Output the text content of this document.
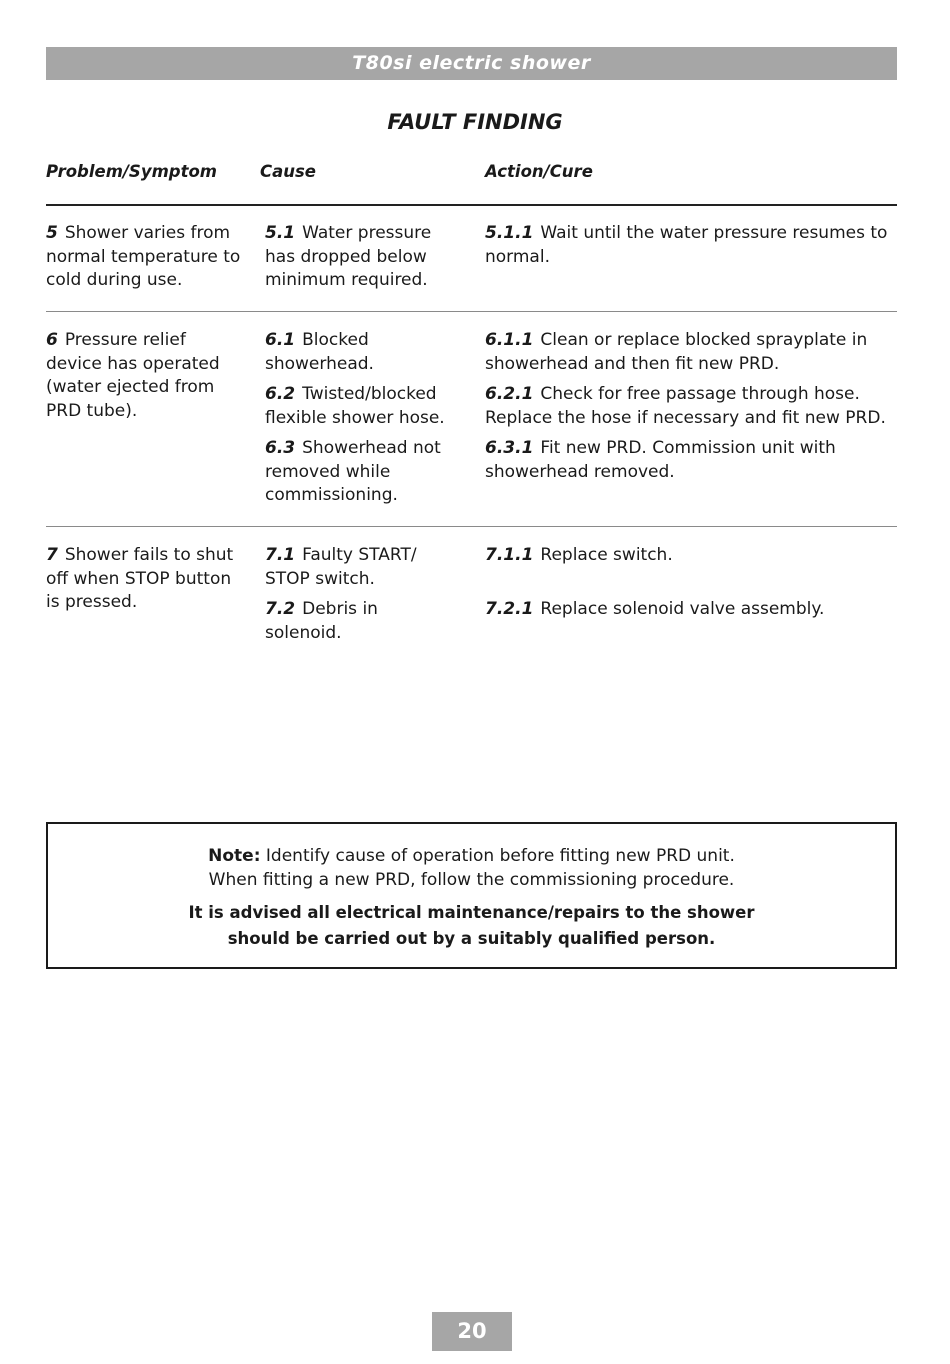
T80si electric shower
FAULT FINDING
Problem/Symptom	Cause	Action/Cure
5 Shower varies from normal temperature to cold during use.
5.1 Water pressure has dropped below minimum required.
5.1.1 Wait until the water pressure resumes to normal.
6 Pressure relief device has operated (water ejected from PRD tube).
6.1 Blocked showerhead.
6.2 Twisted/blocked flexible shower hose.
6.3 Showerhead not removed while commissioning.
6.1.1 Clean or replace blocked sprayplate in showerhead and then fit new PRD.
6.2.1 Check for free passage through hose. Replace the hose if necessary and fit new PRD.
6.3.1 Fit new PRD. Commission unit with showerhead removed.
7 Shower fails to shut off when STOP button is pressed.
7.1 Faulty START/ STOP switch.
7.2 Debris in solenoid.
7.1.1 Replace switch.
7.2.1 Replace solenoid valve assembly.
Note: Identify cause of operation before fitting new PRD unit.
When fitting a new PRD, follow the commissioning procedure.
It is advised all electrical maintenance/repairs to the shower
should be carried out by a suitably qualified person.
20
